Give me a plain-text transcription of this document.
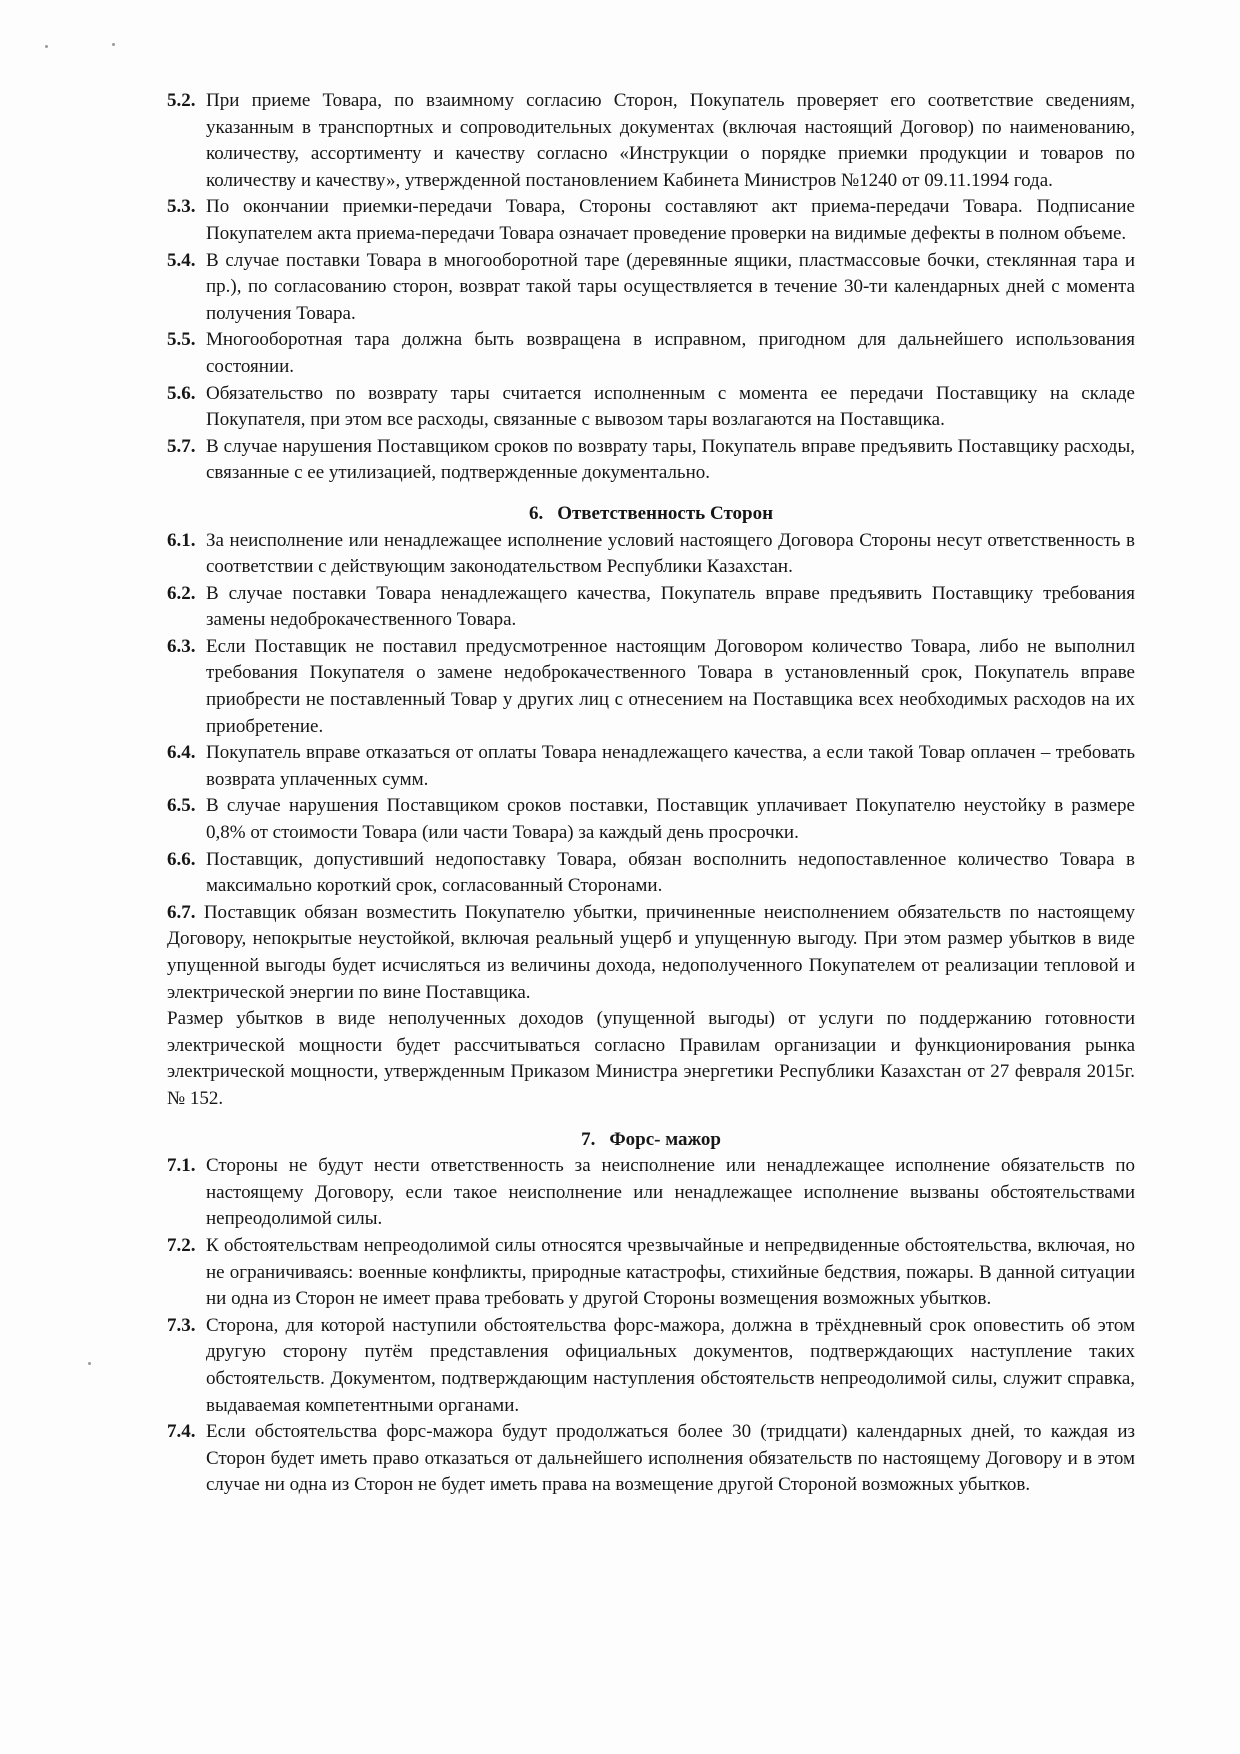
5.2. При приеме Товара, по взаимному согласию Сторон, Покупатель проверяет его соответствие сведениям, указанным в транспортных и сопроводительных документах (включая настоящий Договор) по наименованию, количеству, ассортименту и качеству согласно «Инструкции о порядке приемки продукции и товаров по количеству и качеству», утвержденной постановлением Кабинета Министров №1240 от 09.11.1994 года.
5.3. По окончании приемки-передачи Товара, Стороны составляют акт приема-передачи Товара. Подписание Покупателем акта приема-передачи Товара означает проведение проверки на видимые дефекты в полном объеме.
5.4. В случае поставки Товара в многооборотной таре (деревянные ящики, пластмассовые бочки, стеклянная тара и пр.), по согласованию сторон, возврат такой тары осуществляется в течение 30-ти календарных дней с момента получения Товара.
5.5. Многооборотная тара должна быть возвращена в исправном, пригодном для дальнейшего использования состоянии.
5.6. Обязательство по возврату тары считается исполненным с момента ее передачи Поставщику на складе Покупателя, при этом все расходы, связанные с вывозом тары возлагаются на Поставщика.
5.7. В случае нарушения Поставщиком сроков по возврату тары, Покупатель вправе предъявить Поставщику расходы, связанные с ее утилизацией, подтвержденные документально.
6. Ответственность Сторон
6.1. За неисполнение или ненадлежащее исполнение условий настоящего Договора Стороны несут ответственность в соответствии с действующим законодательством Республики Казахстан.
6.2. В случае поставки Товара ненадлежащего качества, Покупатель вправе предъявить Поставщику требования замены недоброкачественного Товара.
6.3. Если Поставщик не поставил предусмотренное настоящим Договором количество Товара, либо не выполнил требования Покупателя о замене недоброкачественного Товара в установленный срок, Покупатель вправе приобрести не поставленный Товар у других лиц с отнесением на Поставщика всех необходимых расходов на их приобретение.
6.4. Покупатель вправе отказаться от оплаты Товара ненадлежащего качества, а если такой Товар оплачен – требовать возврата уплаченных сумм.
6.5. В случае нарушения Поставщиком сроков поставки, Поставщик уплачивает Покупателю неустойку в размере 0,8% от стоимости Товара (или части Товара) за каждый день просрочки.
6.6. Поставщик, допустивший недопоставку Товара, обязан восполнить недопоставленное количество Товара в максимально короткий срок, согласованный Сторонами.
6.7. Поставщик обязан возместить Покупателю убытки, причиненные неисполнением обязательств по настоящему Договору, непокрытые неустойкой, включая реальный ущерб и упущенную выгоду. При этом размер убытков в виде упущенной выгоды будет исчисляться из величины дохода, недополученного Покупателем от реализации тепловой и электрической энергии по вине Поставщика.
Размер убытков в виде неполученных доходов (упущенной выгоды) от услуги по поддержанию готовности электрической мощности будет рассчитываться согласно Правилам организации и функционирования рынка электрической мощности, утвержденным Приказом Министра энергетики Республики Казахстан от 27 февраля 2015г. № 152.
7. Форс- мажор
7.1. Стороны не будут нести ответственность за неисполнение или ненадлежащее исполнение обязательств по настоящему Договору, если такое неисполнение или ненадлежащее исполнение вызваны обстоятельствами непреодолимой силы.
7.2. К обстоятельствам непреодолимой силы относятся чрезвычайные и непредвиденные обстоятельства, включая, но не ограничиваясь: военные конфликты, природные катастрофы, стихийные бедствия, пожары. В данной ситуации ни одна из Сторон не имеет права требовать у другой Стороны возмещения возможных убытков.
7.3. Сторона, для которой наступили обстоятельства форс-мажора, должна в трёхдневный срок оповестить об этом другую сторону путём представления официальных документов, подтверждающих наступление таких обстоятельств. Документом, подтверждающим наступления обстоятельств непреодолимой силы, служит справка, выдаваемая компетентными органами.
7.4. Если обстоятельства форс-мажора будут продолжаться более 30 (тридцати) календарных дней, то каждая из Сторон будет иметь право отказаться от дальнейшего исполнения обязательств по настоящему Договору и в этом случае ни одна из Сторон не будет иметь права на возмещение другой Стороной возможных убытков.
